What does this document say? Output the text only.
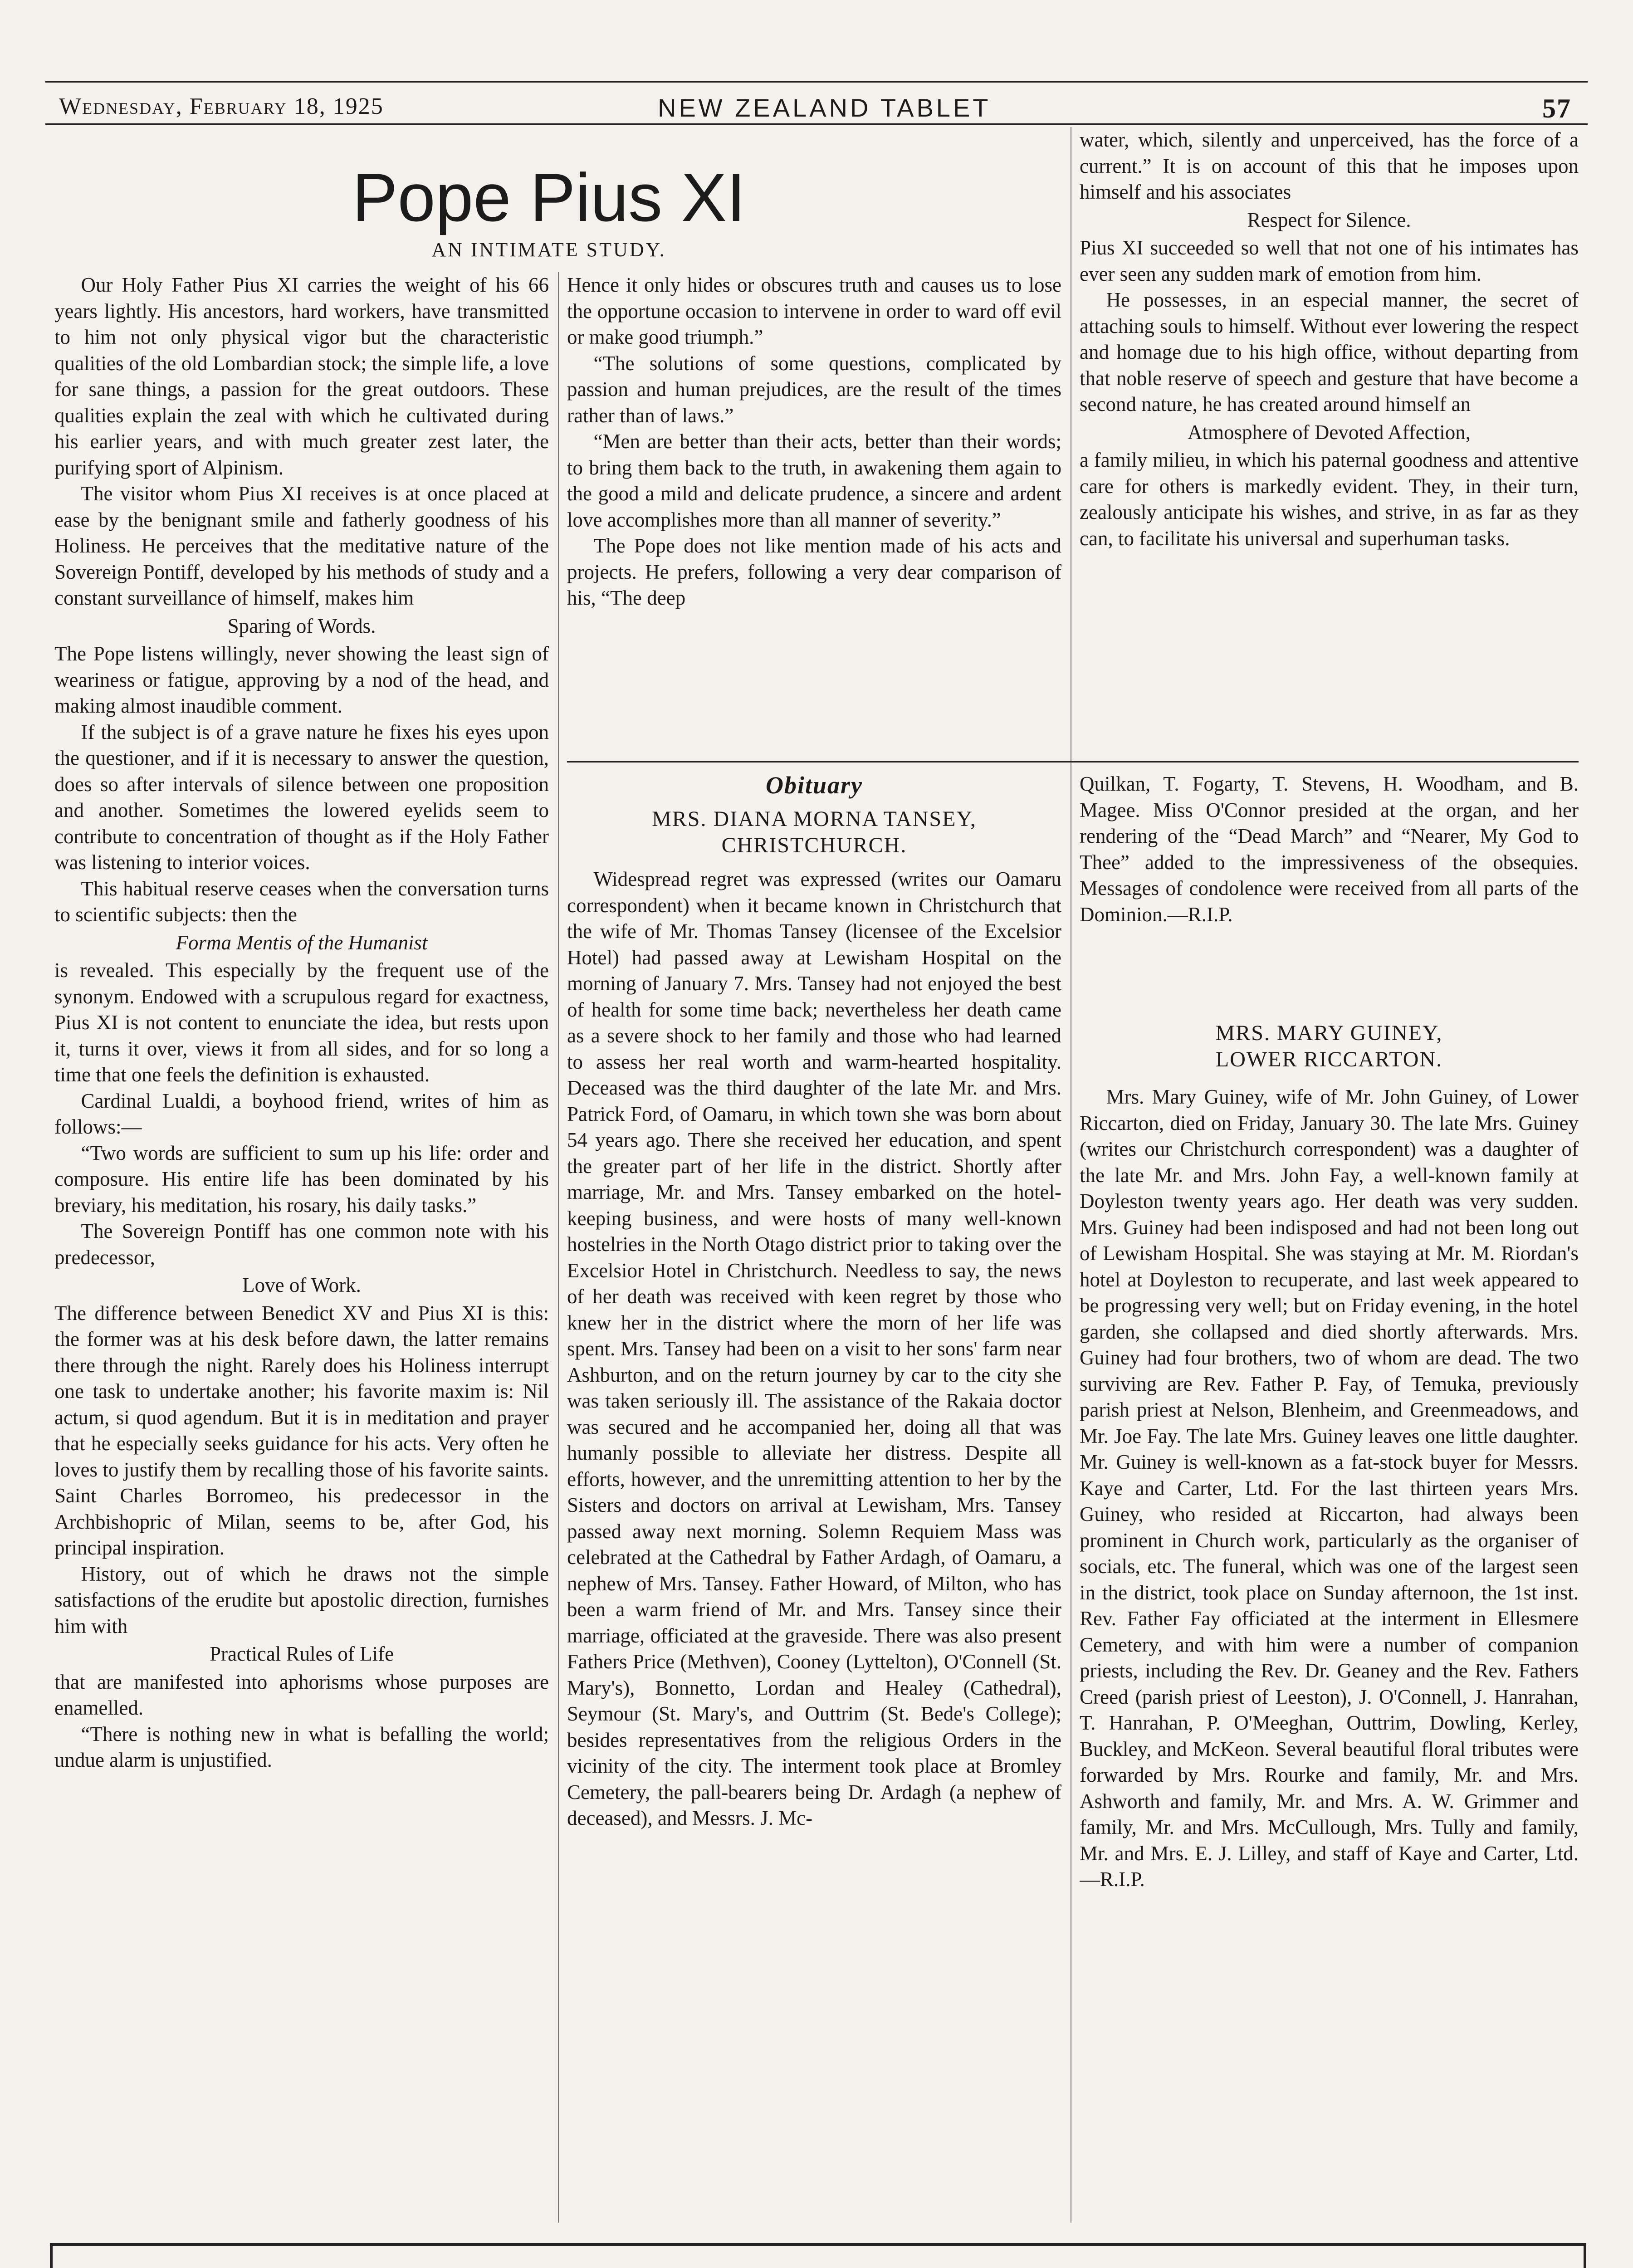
Wednesday, February 18, 1925	NEW ZEALAND TABLET	57
Pope Pius XI
AN INTIMATE STUDY.

Our Holy Father Pius XI carries the weight of his 66 years lightly. His ancestors, hard workers, have transmitted to him not only physical vigor but the characteristic qualities of the old Lombardian stock; the simple life, a love for sane things, a passion for the great outdoors. These qualities explain the zeal with which he cultivated during his earlier years, and with much greater zest later, the purifying sport of Alpinism.

The visitor whom Pius XI receives is at once placed at ease by the benignant smile and fatherly goodness of his Holiness. He perceives that the meditative nature of the Sovereign Pontiff, developed by his methods of study and a constant surveillance of himself, makes him

Sparing of Words.

The Pope listens willingly, never showing the least sign of weariness or fatigue, approving by a nod of the head, and making almost inaudible comment.

If the subject is of a grave nature he fixes his eyes upon the questioner, and if it is necessary to answer the question, does so after intervals of silence between one proposition and another. Sometimes the lowered eyelids seem to contribute to concentration of thought as if the Holy Father was listening to interior voices.

This habitual reserve ceases when the conversation turns to scientific subjects: then the

Forma Mentis of the Humanist

is revealed. This especially by the frequent use of the synonym. Endowed with a scrupulous regard for exactness, Pius XI is not content to enunciate the idea, but rests upon it, turns it over, views it from all sides, and for so long a time that one feels the definition is exhausted.

Cardinal Lualdi, a boyhood friend, writes of him as follows:—

“Two words are sufficient to sum up his life: order and composure. His entire life has been dominated by his breviary, his meditation, his rosary, his daily tasks.”

The Sovereign Pontiff has one common note with his predecessor,

Love of Work.

The difference between Benedict XV and Pius XI is this: the former was at his desk before dawn, the latter remains there through the night. Rarely does his Holiness interrupt one task to undertake another; his favorite maxim is: Nil actum, si quod agendum. But it is in meditation and prayer that he especially seeks guidance for his acts. Very often he loves to justify them by recalling those of his favorite saints. Saint Charles Borromeo, his predecessor in the Archbishopric of Milan, seems to be, after God, his principal inspiration.

History, out of which he draws not the simple satisfactions of the erudite but apostolic direction, furnishes him with

Practical Rules of Life

that are manifested into aphorisms whose purposes are enamelled.

“There is nothing new in what is befalling the world; undue alarm is unjustified.

Hence it only hides or obscures truth and causes us to lose the opportune occasion to intervene in order to ward off evil or make good triumph.”

“The solutions of some questions, complicated by passion and human prejudices, are the result of the times rather than of laws.”

“Men are better than their acts, better than their words; to bring them back to the truth, in awakening them again to the good a mild and delicate prudence, a sincere and ardent love accomplishes more than all manner of severity.”

The Pope does not like mention made of his acts and projects. He prefers, following a very dear comparison of his, “The deep

water, which, silently and unperceived, has the force of a current.” It is on account of this that he imposes upon himself and his associates

Respect for Silence.

Pius XI succeeded so well that not one of his intimates has ever seen any sudden mark of emotion from him.

He possesses, in an especial manner, the secret of attaching souls to himself. Without ever lowering the respect and homage due to his high office, without departing from that noble reserve of speech and gesture that have become a second nature, he has created around himself an

Atmosphere of Devoted Affection,

a family milieu, in which his paternal goodness and attentive care for others is markedly evident. They, in their turn, zealously anticipate his wishes, and strive, in as far as they can, to facilitate his universal and superhuman tasks.

Obituary
MRS. DIANA MORNA TANSEY,
CHRISTCHURCH.

Widespread regret was expressed (writes our Oamaru correspondent) when it became known in Christchurch that the wife of Mr. Thomas Tansey (licensee of the Excelsior Hotel) had passed away at Lewisham Hospital on the morning of January 7. Mrs. Tansey had not enjoyed the best of health for some time back; nevertheless her death came as a severe shock to her family and those who had learned to assess her real worth and warm-hearted hospitality. Deceased was the third daughter of the late Mr. and Mrs. Patrick Ford, of Oamaru, in which town she was born about 54 years ago. There she received her education, and spent the greater part of her life in the district. Shortly after marriage, Mr. and Mrs. Tansey embarked on the hotel-keeping business, and were hosts of many well-known hostelries in the North Otago district prior to taking over the Excelsior Hotel in Christchurch. Needless to say, the news of her death was received with keen regret by those who knew her in the district where the morn of her life was spent. Mrs. Tansey had been on a visit to her sons' farm near Ashburton, and on the return journey by car to the city she was taken seriously ill. The assistance of the Rakaia doctor was secured and he accompanied her, doing all that was humanly possible to alleviate her distress. Despite all efforts, however, and the unremitting attention to her by the Sisters and doctors on arrival at Lewisham, Mrs. Tansey passed away next morning. Solemn Requiem Mass was celebrated at the Cathedral by Father Ardagh, of Oamaru, a nephew of Mrs. Tansey. Father Howard, of Milton, who has been a warm friend of Mr. and Mrs. Tansey since their marriage, officiated at the graveside. There was also present Fathers Price (Methven), Cooney (Lyttelton), O'Connell (St. Mary's), Bonnetto, Lordan and Healey (Cathedral), Seymour (St. Mary's, and Outtrim (St. Bede's College); besides representatives from the religious Orders in the vicinity of the city. The interment took place at Bromley Cemetery, the pall-bearers being Dr. Ardagh (a nephew of deceased), and Messrs. J. Mc-

Quilkan, T. Fogarty, T. Stevens, H. Woodham, and B. Magee. Miss O'Connor presided at the organ, and her rendering of the “Dead March” and “Nearer, My God to Thee” added to the impressiveness of the obsequies. Messages of condolence were received from all parts of the Dominion.—R.I.P.

MRS. MARY GUINEY,
LOWER RICCARTON.

Mrs. Mary Guiney, wife of Mr. John Guiney, of Lower Riccarton, died on Friday, January 30. The late Mrs. Guiney (writes our Christchurch correspondent) was a daughter of the late Mr. and Mrs. John Fay, a well-known family at Doyleston twenty years ago. Her death was very sudden. Mrs. Guiney had been indisposed and had not been long out of Lewisham Hospital. She was staying at Mr. M. Riordan's hotel at Doyleston to recuperate, and last week appeared to be progressing very well; but on Friday evening, in the hotel garden, she collapsed and died shortly afterwards. Mrs. Guiney had four brothers, two of whom are dead. The two surviving are Rev. Father P. Fay, of Temuka, previously parish priest at Nelson, Blenheim, and Greenmeadows, and Mr. Joe Fay. The late Mrs. Guiney leaves one little daughter. Mr. Guiney is well-known as a fat-stock buyer for Messrs. Kaye and Carter, Ltd. For the last thirteen years Mrs. Guiney, who resided at Riccarton, had always been prominent in Church work, particularly as the organiser of socials, etc. The funeral, which was one of the largest seen in the district, took place on Sunday afternoon, the 1st inst. Rev. Father Fay officiated at the interment in Ellesmere Cemetery, and with him were a number of companion priests, including the Rev. Dr. Geaney and the Rev. Fathers Creed (parish priest of Leeston), J. O'Connell, J. Hanrahan, T. Hanrahan, P. O'Meeghan, Outtrim, Dowling, Kerley, Buckley, and McKeon. Several beautiful floral tributes were forwarded by Mrs. Rourke and family, Mr. and Mrs. Ashworth and family, Mr. and Mrs. A. W. Grimmer and family, Mr. and Mrs. McCullough, Mrs. Tully and family, Mr. and Mrs. E. J. Lilley, and staff of Kaye and Carter, Ltd.—R.I.P.
